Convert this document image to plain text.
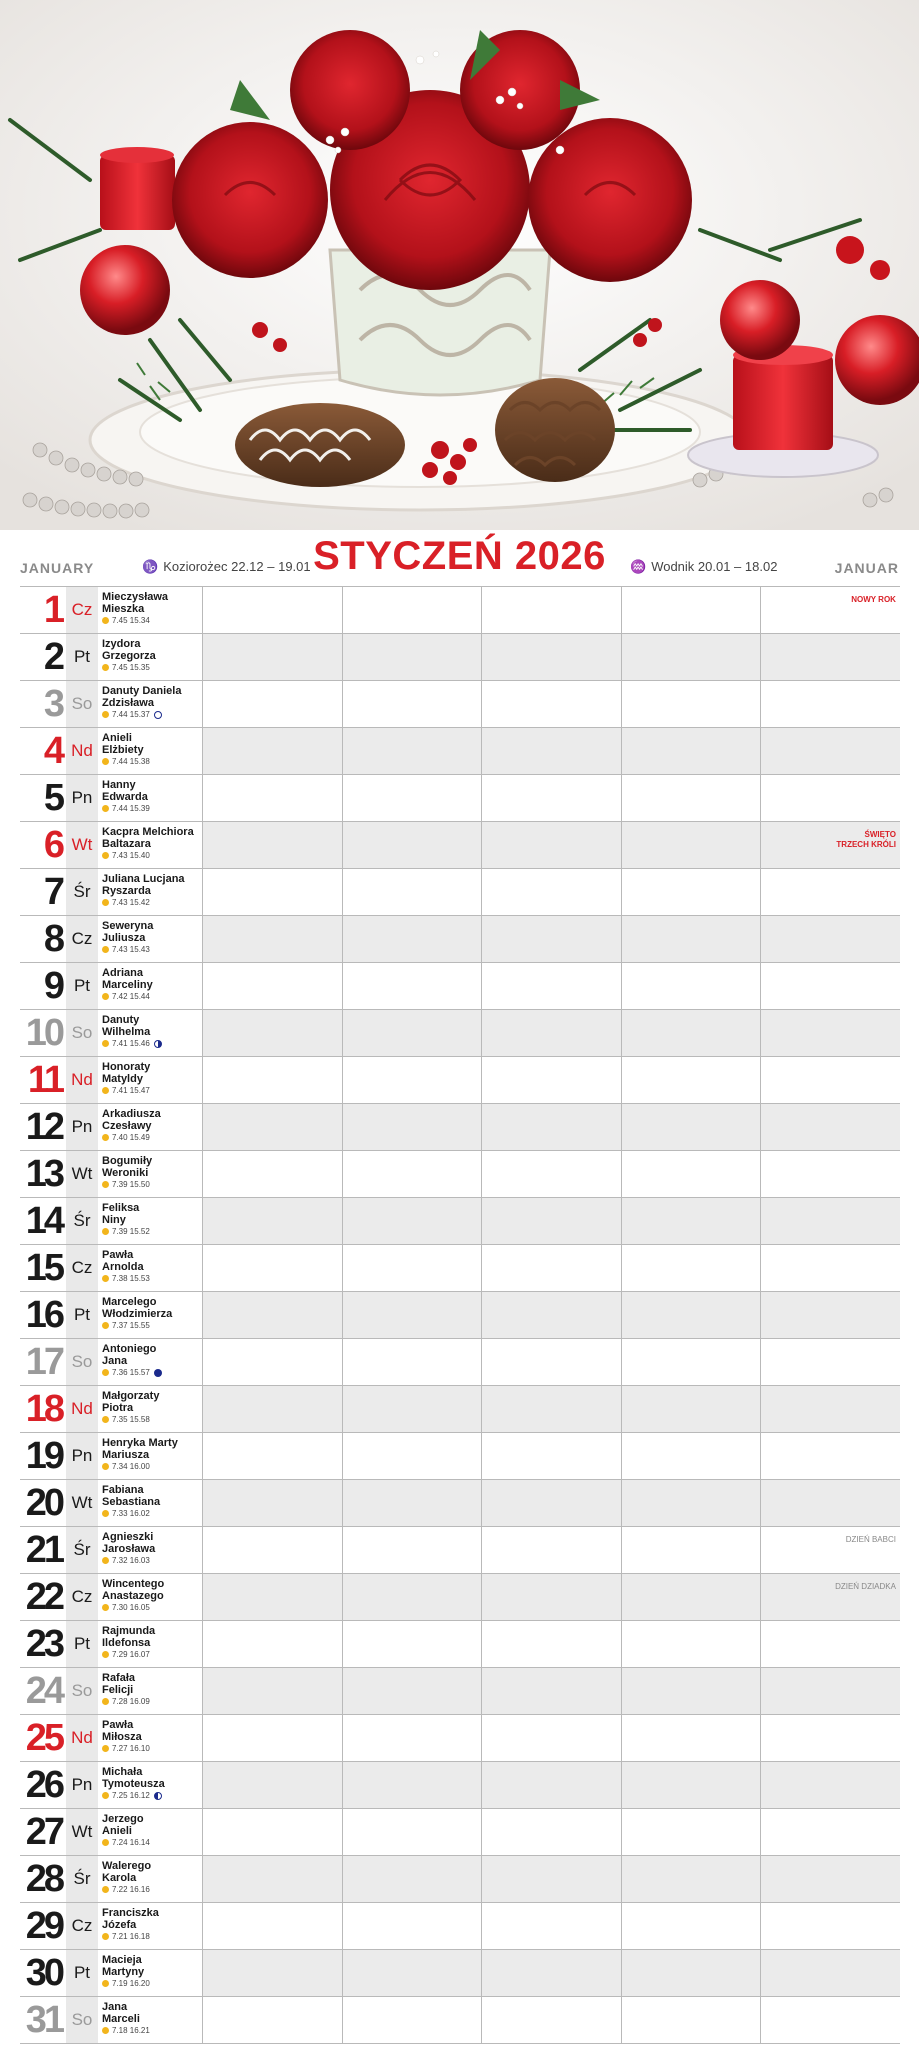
JANUARY	♑ Koziorożec 22.12 – 19.01 STYCZEŃ 2026	♒ Wodnik 20.01 – 18.02	JANUAR
1 Cz
Mieczysława
Mieszka
7.45 15.34
NOWY ROK
2 Pt
Izydora
Grzegorza
7.45 15.35
3 So
Danuty Daniela
Zdzisława
7.44 15.37
4 Nd
Anieli
Elżbiety
7.44 15.38
5 Pn
Hanny
Edwarda
7.44 15.39
6 Wt
Kacpra Melchiora
Baltazara
7.43 15.40
ŚWIĘTO
TRZECH KRÓLI
7 Śr
Juliana Lucjana
Ryszarda
7.43 15.42
8 Cz
Seweryna
Juliusza
7.43 15.43
9 Pt
Adriana
Marceliny
7.42 15.44
10 So
Danuty
Wilhelma
7.41 15.46
11 Nd
Honoraty
Matyldy
7.41 15.47
12 Pn
Arkadiusza
Czesławy
7.40 15.49
13 Wt
Bogumiły
Weroniki
7.39 15.50
14 Śr
Feliksa
Niny
7.39 15.52
15 Cz
Pawła
Arnolda
7.38 15.53
16 Pt
Marcelego
Włodzimierza
7.37 15.55
17 So
Antoniego
Jana
7.36 15.57
18 Nd
Małgorzaty
Piotra
7.35 15.58
19 Pn
Henryka Marty
Mariusza
7.34 16.00
20 Wt
Fabiana
Sebastiana
7.33 16.02
21 Śr
Agnieszki
Jarosława
7.32 16.03
DZIEŃ BABCI
22 Cz
Wincentego
Anastazego
7.30 16.05
DZIEŃ DZIADKA
23 Pt
Rajmunda
Ildefonsa
7.29 16.07
24 So
Rafała
Felicji
7.28 16.09
25 Nd
Pawła
Miłosza
7.27 16.10
26 Pn
Michała
Tymoteusza
7.25 16.12
27 Wt
Jerzego
Anieli
7.24 16.14
28 Śr
Walerego
Karola
7.22 16.16
29 Cz
Franciszka
Józefa
7.21 16.18
30 Pt
Macieja
Martyny
7.19 16.20
31 So
Jana
Marceli
7.18 16.21
